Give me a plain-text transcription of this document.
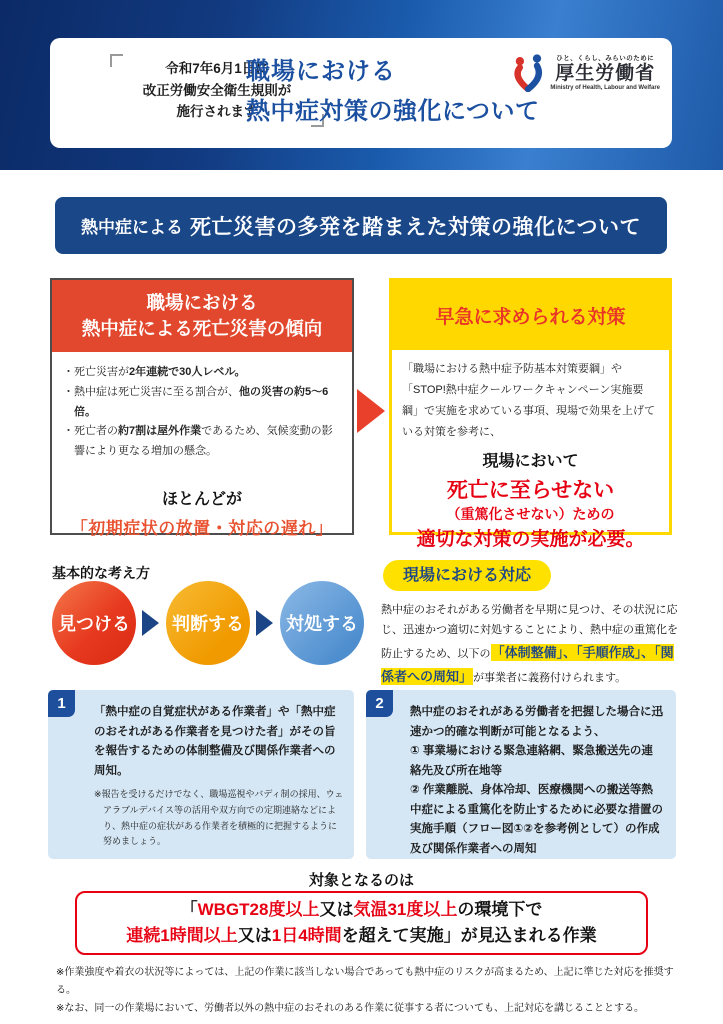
令和7年6月1日に
改正労働安全衛生規則が
施行されます
職場における
熱中症対策の強化について
ひと、くらし、みらいのために
厚生労働省
Ministry of Health, Labour and Welfare
熱中症による 死亡災害の多発を踏まえた対策の強化について
職場における
熱中症による死亡災害の傾向
・死亡災害が2年連続で30人レベル。
・熱中症は死亡災害に至る割合が、他の災害の約5～6倍。
・死亡者の約7割は屋外作業であるため、気候変動の影響により更なる増加の懸念。
ほとんどが
「初期症状の放置・対応の遅れ」
早急に求められる対策
「職場における熱中症予防基本対策要綱」や「STOP!熱中症クールワークキャンペーン実施要綱」で実施を求めている事項、現場で効果を上げている対策を参考に、
現場において
死亡に至らせない
（重篤化させない）ための
適切な対策の実施が必要。
基本的な考え方
見つける	判断する	対処する
現場における対応
熱中症のおそれがある労働者を早期に見つけ、その状況に応じ、迅速かつ適切に対処することにより、熱中症の重篤化を防止するため、以下の「体制整備」、「手順作成」、「関係者への周知」が事業者に義務付けられます。
1	「熱中症の自覚症状がある作業者」や「熱中症のおそれがある作業者を見つけた者」がその旨を報告するための体制整備及び関係作業者への周知。
※報告を受けるだけでなく、職場巡視やバディ制の採用、ウェアラブルデバイス等の活用や双方向での定期連絡などにより、熱中症の症状がある作業者を積極的に把握するように努めましょう。
2	熱中症のおそれがある労働者を把握した場合に迅速かつ的確な判断が可能となるよう、
① 事業場における緊急連絡網、緊急搬送先の連絡先及び所在地等
② 作業離脱、身体冷却、医療機関への搬送等熱中症による重篤化を防止するために必要な措置の実施手順（フロー図①②を参考例として）の作成及び関係作業者への周知
対象となるのは
「WBGT28度以上又は気温31度以上の環境下で
連続1時間以上又は1日4時間を超えて実施」が見込まれる作業
※作業強度や着衣の状況等によっては、上記の作業に該当しない場合であっても熱中症のリスクが高まるため、上記に準じた対応を推奨する。
※なお、同一の作業場において、労働者以外の熱中症のおそれのある作業に従事する者についても、上記対応を講じることとする。
